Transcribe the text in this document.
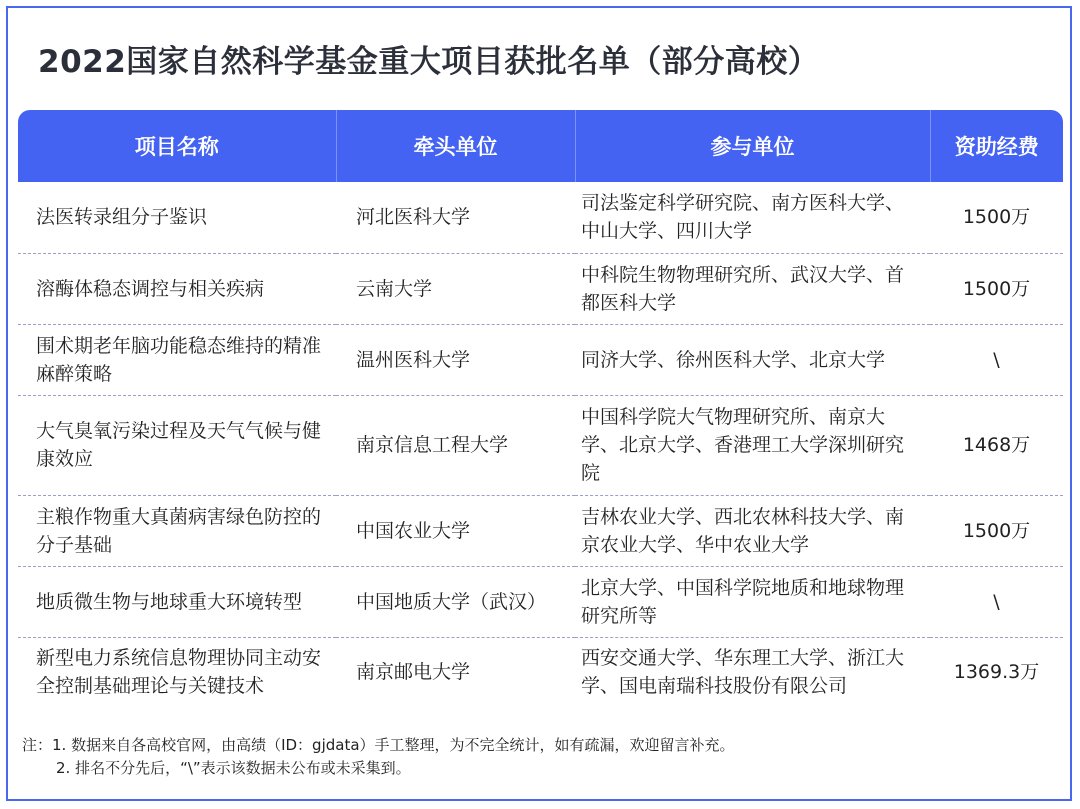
2022国家自然科学基金重大项目获批名单（部分高校）
项目名称	牵头单位	参与单位	资助经费
法医转录组分子鉴识	河北医科大学	司法鉴定科学研究院、南方医科大学、中山大学、四川大学	1500万
溶酶体稳态调控与相关疾病	云南大学	中科院生物物理研究所、武汉大学、首都医科大学	1500万
围术期老年脑功能稳态维持的精准麻醉策略	温州医科大学	同济大学、徐州医科大学、北京大学	\
大气臭氧污染过程及天气气候与健康效应	南京信息工程大学	中国科学院大气物理研究所、南京大学、北京大学、香港理工大学深圳研究院	1468万
主粮作物重大真菌病害绿色防控的分子基础	中国农业大学	吉林农业大学、西北农林科技大学、南京农业大学、华中农业大学	1500万
地质微生物与地球重大环境转型	中国地质大学（武汉）	北京大学、中国科学院地质和地球物理研究所等	\
新型电力系统信息物理协同主动安全控制基础理论与关键技术	南京邮电大学	西安交通大学、华东理工大学、浙江大学、国电南瑞科技股份有限公司	1369.3万
注：1. 数据来自各高校官网，由高绩（ID：gjdata）手工整理，为不完全统计，如有疏漏，欢迎留言补充。
2. 排名不分先后，“\”表示该数据未公布或未采集到。
